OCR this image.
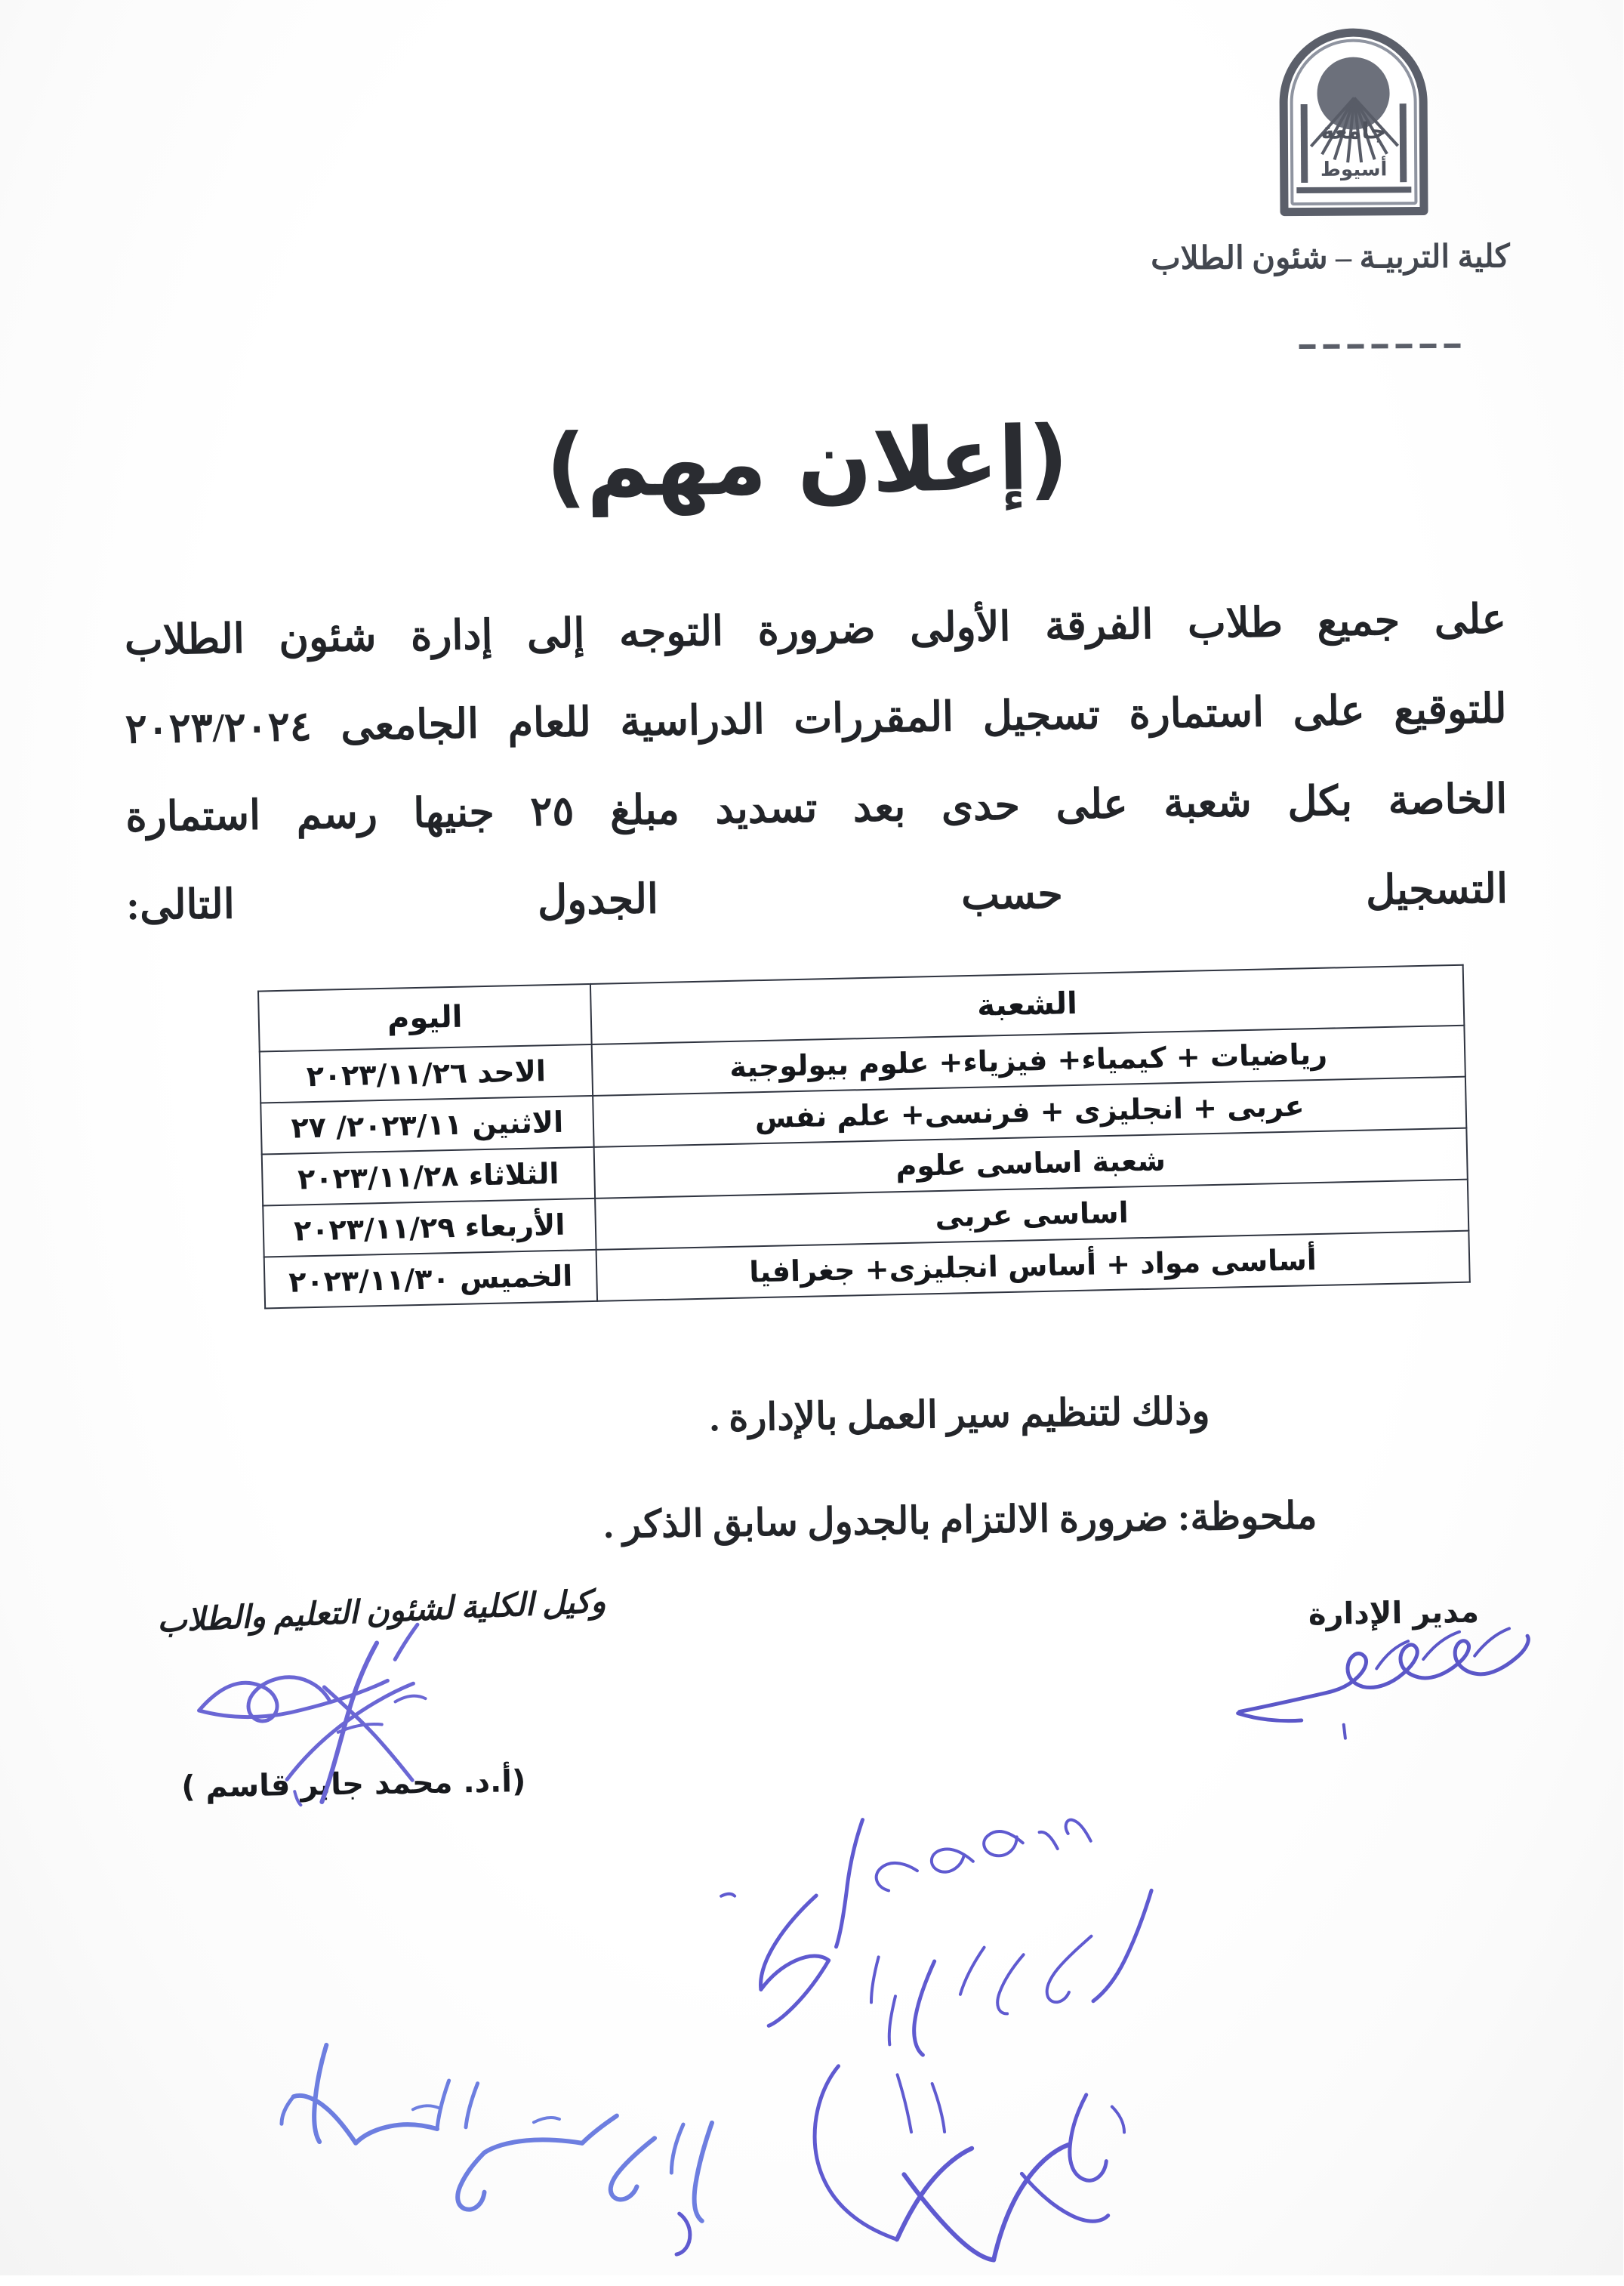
جامعة
أسيوط
كلية التربيـة – شئون الطلاب
(إعلان مهم)
على جميع طلاب الفرقة الأولى ضرورة التوجه إلى إدارة شئون الطلاب
للتوقيع على استمارة تسجيل المقررات الدراسية للعام الجامعى ٢٠٢٣/٢٠٢٤
الخاصة بكل شعبة على حدى بعد تسديد مبلغ ٢٥ جنيها رسم استمارة
التسجيل حسب الجدول التالى:
الشعبة	اليوم
رياضيات + كيمياء+ فيزياء+ علوم بيولوجية	الاحد ٢٠٢٣/١١/٢٦
عربى + انجليزى + فرنسى+ علم نفس	الاثنين ٢٠٢٣/١١/ ٢٧
شعبة اساسى علوم	الثلاثاء ٢٠٢٣/١١/٢٨
اساسى عربى	الأربعاء ٢٠٢٣/١١/٢٩
أساسى مواد + أساس انجليزى+ جغرافيا	الخميس ٢٠٢٣/١١/٣٠
وذلك لتنظيم سير العمل بالإدارة .
ملحوظة: ضرورة الالتزام بالجدول سابق الذكر .
مدير الإدارة
وكيل الكلية لشئون التعليم والطلاب
(أ.د. محمد جابر قاسم )
